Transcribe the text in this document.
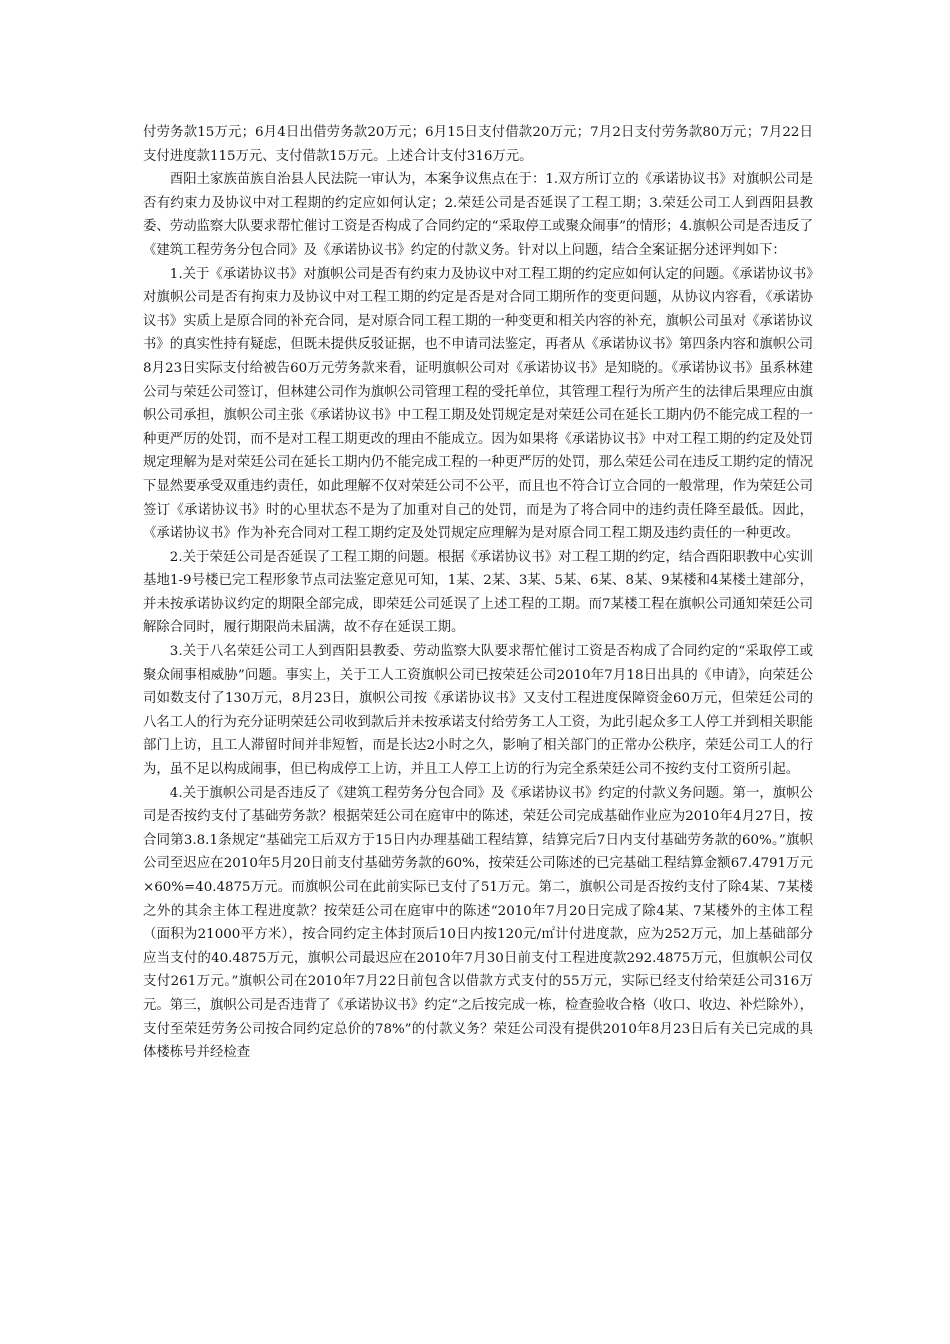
付劳务款15万元；6月4日出借劳务款20万元；6月15日支付借款20万元；7月2日支付劳务款80万元；7月22日支付进度款115万元、支付借款15万元。上述合计支付316万元。

酉阳土家族苗族自治县人民法院一审认为，本案争议焦点在于：1.双方所订立的《承诺协议书》对旗帜公司是否有约束力及协议中对工程期的约定应如何认定；2.荣廷公司是否延误了工程工期；3.荣廷公司工人到酉阳县教委、劳动监察大队要求帮忙催讨工资是否构成了合同约定的“采取停工或聚众闹事”的情形；4.旗帜公司是否违反了《建筑工程劳务分包合同》及《承诺协议书》约定的付款义务。针对以上问题，结合全案证据分述评判如下：

1.关于《承诺协议书》对旗帜公司是否有约束力及协议中对工程工期的约定应如何认定的问题。《承诺协议书》对旗帜公司是否有拘束力及协议中对工程工期的约定是否是对合同工期所作的变更问题，从协议内容看，《承诺协议书》实质上是原合同的补充合同，是对原合同工程工期的一种变更和相关内容的补充，旗帜公司虽对《承诺协议书》的真实性持有疑虑，但既未提供反驳证据，也不申请司法鉴定，再者从《承诺协议书》第四条内容和旗帜公司8月23日实际支付给被告60万元劳务款来看，证明旗帜公司对《承诺协议书》是知晓的。《承诺协议书》虽系林建公司与荣廷公司签订，但林建公司作为旗帜公司管理工程的受托单位，其管理工程行为所产生的法律后果理应由旗帜公司承担，旗帜公司主张《承诺协议书》中工程工期及处罚规定是对荣廷公司在延长工期内仍不能完成工程的一种更严厉的处罚，而不是对工程工期更改的理由不能成立。因为如果将《承诺协议书》中对工程工期的约定及处罚规定理解为是对荣廷公司在延长工期内仍不能完成工程的一种更严厉的处罚，那么荣廷公司在违反工期约定的情况下显然要承受双重违约责任，如此理解不仅对荣廷公司不公平，而且也不符合订立合同的一般常理，作为荣廷公司签订《承诺协议书》时的心里状态不是为了加重对自己的处罚，而是为了将合同中的违约责任降至最低。因此，《承诺协议书》作为补充合同对工程工期约定及处罚规定应理解为是对原合同工程工期及违约责任的一种更改。

2.关于荣廷公司是否延误了工程工期的问题。根据《承诺协议书》对工程工期的约定，结合酉阳职教中心实训基地1-9号楼已完工程形象节点司法鉴定意见可知，1某、2某、3某、5某、6某、8某、9某楼和4某楼土建部分，并未按承诺协议约定的期限全部完成，即荣廷公司延误了上述工程的工期。而7某楼工程在旗帜公司通知荣廷公司解除合同时，履行期限尚未届满，故不存在延误工期。

3.关于八名荣廷公司工人到酉阳县教委、劳动监察大队要求帮忙催讨工资是否构成了合同约定的“采取停工或聚众闹事相威胁”问题。事实上，关于工人工资旗帜公司已按荣廷公司2010年7月18日出具的《申请》，向荣廷公司如数支付了130万元，8月23日，旗帜公司按《承诺协议书》又支付工程进度保障资金60万元，但荣廷公司的八名工人的行为充分证明荣廷公司收到款后并未按承诺支付给劳务工人工资，为此引起众多工人停工并到相关职能部门上访，且工人滞留时间并非短暂，而是长达2小时之久，影响了相关部门的正常办公秩序，荣廷公司工人的行为，虽不足以构成闹事，但已构成停工上访，并且工人停工上访的行为完全系荣廷公司不按约支付工资所引起。

4.关于旗帜公司是否违反了《建筑工程劳务分包合同》及《承诺协议书》约定的付款义务问题。第一，旗帜公司是否按约支付了基础劳务款？根据荣廷公司在庭审中的陈述，荣廷公司完成基础作业应为2010年4月27日，按合同第3.8.1条规定“基础完工后双方于15日内办理基础工程结算，结算完后7日内支付基础劳务款的60%。”旗帜公司至迟应在2010年5月20日前支付基础劳务款的60%，按荣廷公司陈述的已完基础工程结算金额67.4791万元×60%=40.4875万元。而旗帜公司在此前实际已支付了51万元。第二，旗帜公司是否按约支付了除4某、7某楼之外的其余主体工程进度款？按荣廷公司在庭审中的陈述“2010年7月20日完成了除4某、7某楼外的主体工程（面积为21000平方米），按合同约定主体封顶后10日内按120元/㎡计付进度款，应为252万元，加上基础部分应当支付的40.4875万元，旗帜公司最迟应在2010年7月30日前支付工程进度款292.4875万元，但旗帜公司仅支付261万元。”旗帜公司在2010年7月22日前包含以借款方式支付的55万元，实际已经支付给荣廷公司316万元。第三，旗帜公司是否违背了《承诺协议书》约定“之后按完成一栋，检查验收合格（收口、收边、补烂除外），支付至荣廷劳务公司按合同约定总价的78%”的付款义务？荣廷公司没有提供2010年8月23日后有关已完成的具体楼栋号并经检查
